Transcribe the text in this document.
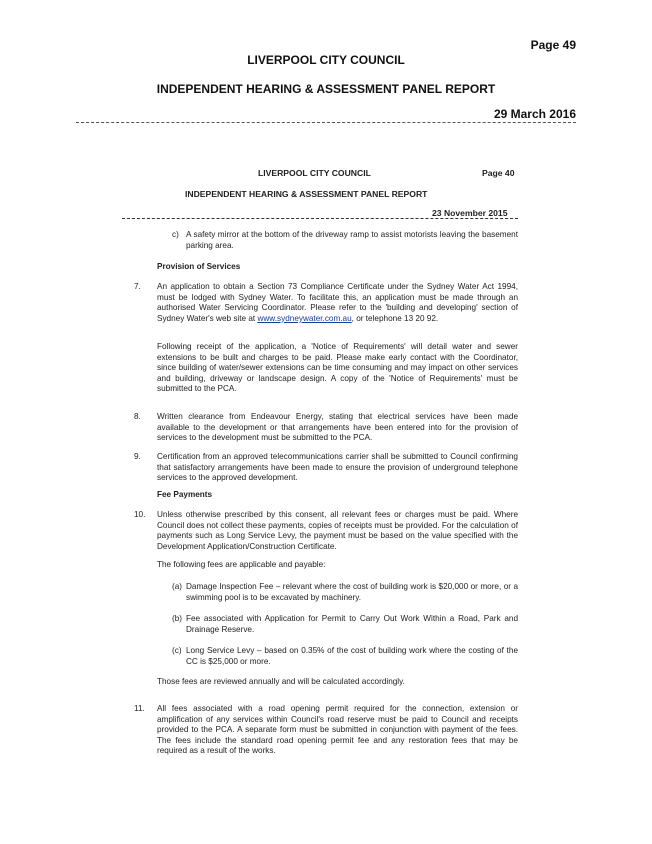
Page 49
LIVERPOOL CITY COUNCIL
INDEPENDENT HEARING & ASSESSMENT PANEL REPORT
29 March 2016
LIVERPOOL CITY COUNCIL	Page 40
INDEPENDENT HEARING & ASSESSMENT PANEL REPORT
23 November 2015
c) A safety mirror at the bottom of the driveway ramp to assist motorists leaving the basement parking area.
Provision of Services
7. An application to obtain a Section 73 Compliance Certificate under the Sydney Water Act 1994, must be lodged with Sydney Water. To facilitate this, an application must be made through an authorised Water Servicing Coordinator. Please refer to the 'building and developing' section of Sydney Water's web site at www.sydneywater.com.au, or telephone 13 20 92.
Following receipt of the application, a 'Notice of Requirements' will detail water and sewer extensions to be built and charges to be paid. Please make early contact with the Coordinator, since building of water/sewer extensions can be time consuming and may impact on other services and building, driveway or landscape design. A copy of the 'Notice of Requirements' must be submitted to the PCA.
8. Written clearance from Endeavour Energy, stating that electrical services have been made available to the development or that arrangements have been entered into for the provision of services to the development must be submitted to the PCA.
9. Certification from an approved telecommunications carrier shall be submitted to Council confirming that satisfactory arrangements have been made to ensure the provision of underground telephone services to the approved development.
Fee Payments
10. Unless otherwise prescribed by this consent, all relevant fees or charges must be paid. Where Council does not collect these payments, copies of receipts must be provided. For the calculation of payments such as Long Service Levy, the payment must be based on the value specified with the Development Application/Construction Certificate.
The following fees are applicable and payable:
(a) Damage Inspection Fee – relevant where the cost of building work is $20,000 or more, or a swimming pool is to be excavated by machinery.
(b) Fee associated with Application for Permit to Carry Out Work Within a Road, Park and Drainage Reserve.
(c) Long Service Levy – based on 0.35% of the cost of building work where the costing of the CC is $25,000 or more.
Those fees are reviewed annually and will be calculated accordingly.
11. All fees associated with a road opening permit required for the connection, extension or amplification of any services within Council's road reserve must be paid to Council and receipts provided to the PCA. A separate form must be submitted in conjunction with payment of the fees. The fees include the standard road opening permit fee and any restoration fees that may be required as a result of the works.
